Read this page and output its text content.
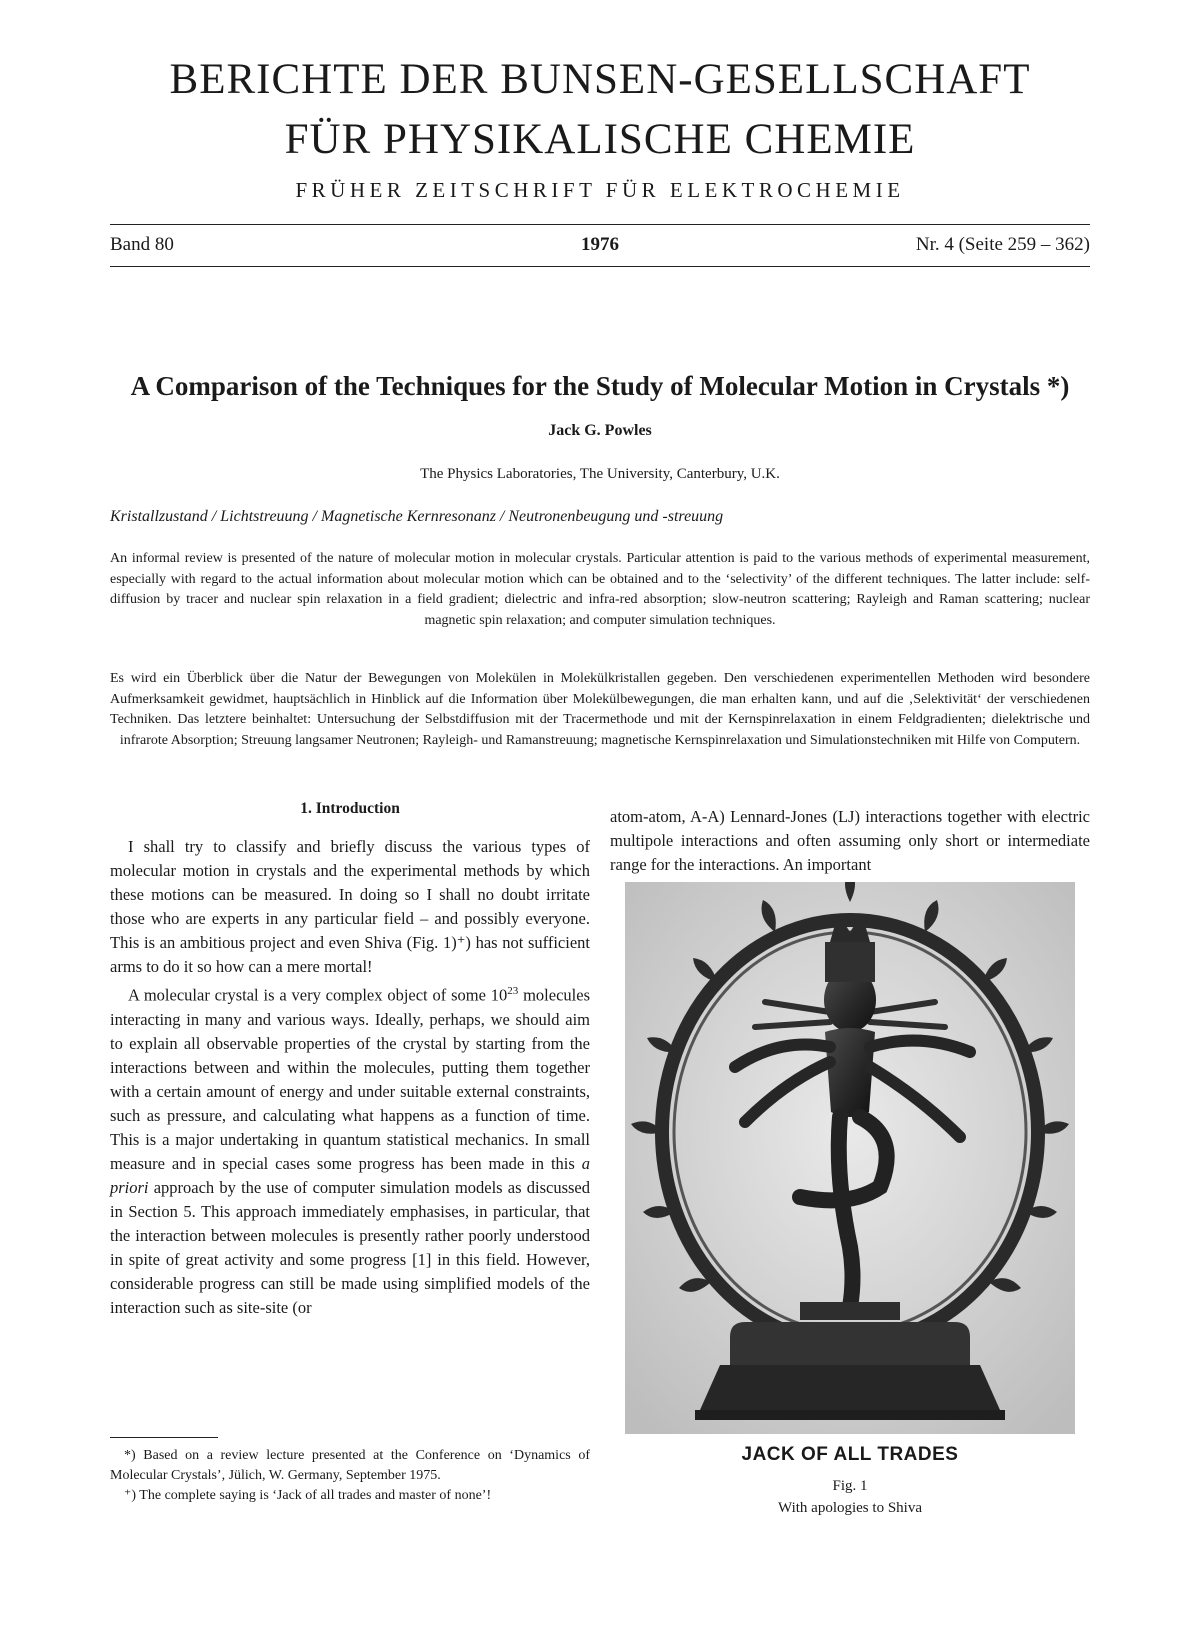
BERICHTE DER BUNSEN-GESELLSCHAFT
FÜR PHYSIKALISCHE CHEMIE
FRÜHER ZEITSCHRIFT FÜR ELEKTROCHEMIE
Band 80	1976	Nr. 4 (Seite 259 – 362)
A Comparison of the Techniques for the Study of Molecular Motion in Crystals *)
Jack G. Powles
The Physics Laboratories, The University, Canterbury, U.K.
Kristallzustand / Lichtstreuung / Magnetische Kernresonanz / Neutronenbeugung und -streuung

An informal review is presented of the nature of molecular motion in molecular crystals. Particular attention is paid to the various methods of experimental measurement, especially with regard to the actual information about molecular motion which can be obtained and to the ‘selectivity’ of the different techniques. The latter include: self-diffusion by tracer and nuclear spin relaxation in a field gradient; dielectric and infra-red absorption; slow-neutron scattering; Rayleigh and Raman scattering; nuclear magnetic spin relaxation; and computer simulation techniques.

Es wird ein Überblick über die Natur der Bewegungen von Molekülen in Molekülkristallen gegeben. Den verschiedenen experimentellen Methoden wird besondere Aufmerksamkeit gewidmet, hauptsächlich in Hinblick auf die Information über Molekülbewegungen, die man erhalten kann, und auf die ‚Selektivität‘ der verschiedenen Techniken. Das letztere beinhaltet: Untersuchung der Selbstdiffusion mit der Tracermethode und mit der Kernspinrelaxation in einem Feldgradienten; dielektrische und infrarote Absorption; Streuung langsamer Neutronen; Rayleigh- und Ramanstreuung; magnetische Kernspinrelaxation und Simulationstechniken mit Hilfe von Computern.

1. Introduction

I shall try to classify and briefly discuss the various types of molecular motion in crystals and the experimental methods by which these motions can be measured. In doing so I shall no doubt irritate those who are experts in any particular field – and possibly everyone. This is an ambitious project and even Shiva (Fig. 1)⁺) has not sufficient arms to do it so how can a mere mortal!

A molecular crystal is a very complex object of some $10^{23}$ molecules interacting in many and various ways. Ideally, perhaps, we should aim to explain all observable properties of the crystal by starting from the interactions between and within the molecules, putting them together with a certain amount of energy and under suitable external constraints, such as pressure, and calculating what happens as a function of time. This is a major undertaking in quantum statistical mechanics. In small measure and in special cases some progress has been made in this a priori approach by the use of computer simulation models as discussed in Section 5. This approach immediately emphasises, in particular, that the interaction between molecules is presently rather poorly understood in spite of great activity and some progress [1] in this field. However, considerable progress can still be made using simplified models of the interaction such as site-site (or

atom-atom, A-A) Lennard-Jones (LJ) interactions together with electric multipole interactions and often assuming only short or intermediate range for the interactions. An important

JACK OF ALL TRADES
Fig. 1
With apologies to Shiva

*) Based on a review lecture presented at the Conference on ‘Dynamics of Molecular Crystals’, Jülich, W. Germany, September 1975.

⁺) The complete saying is ‘Jack of all trades and master of none’!
